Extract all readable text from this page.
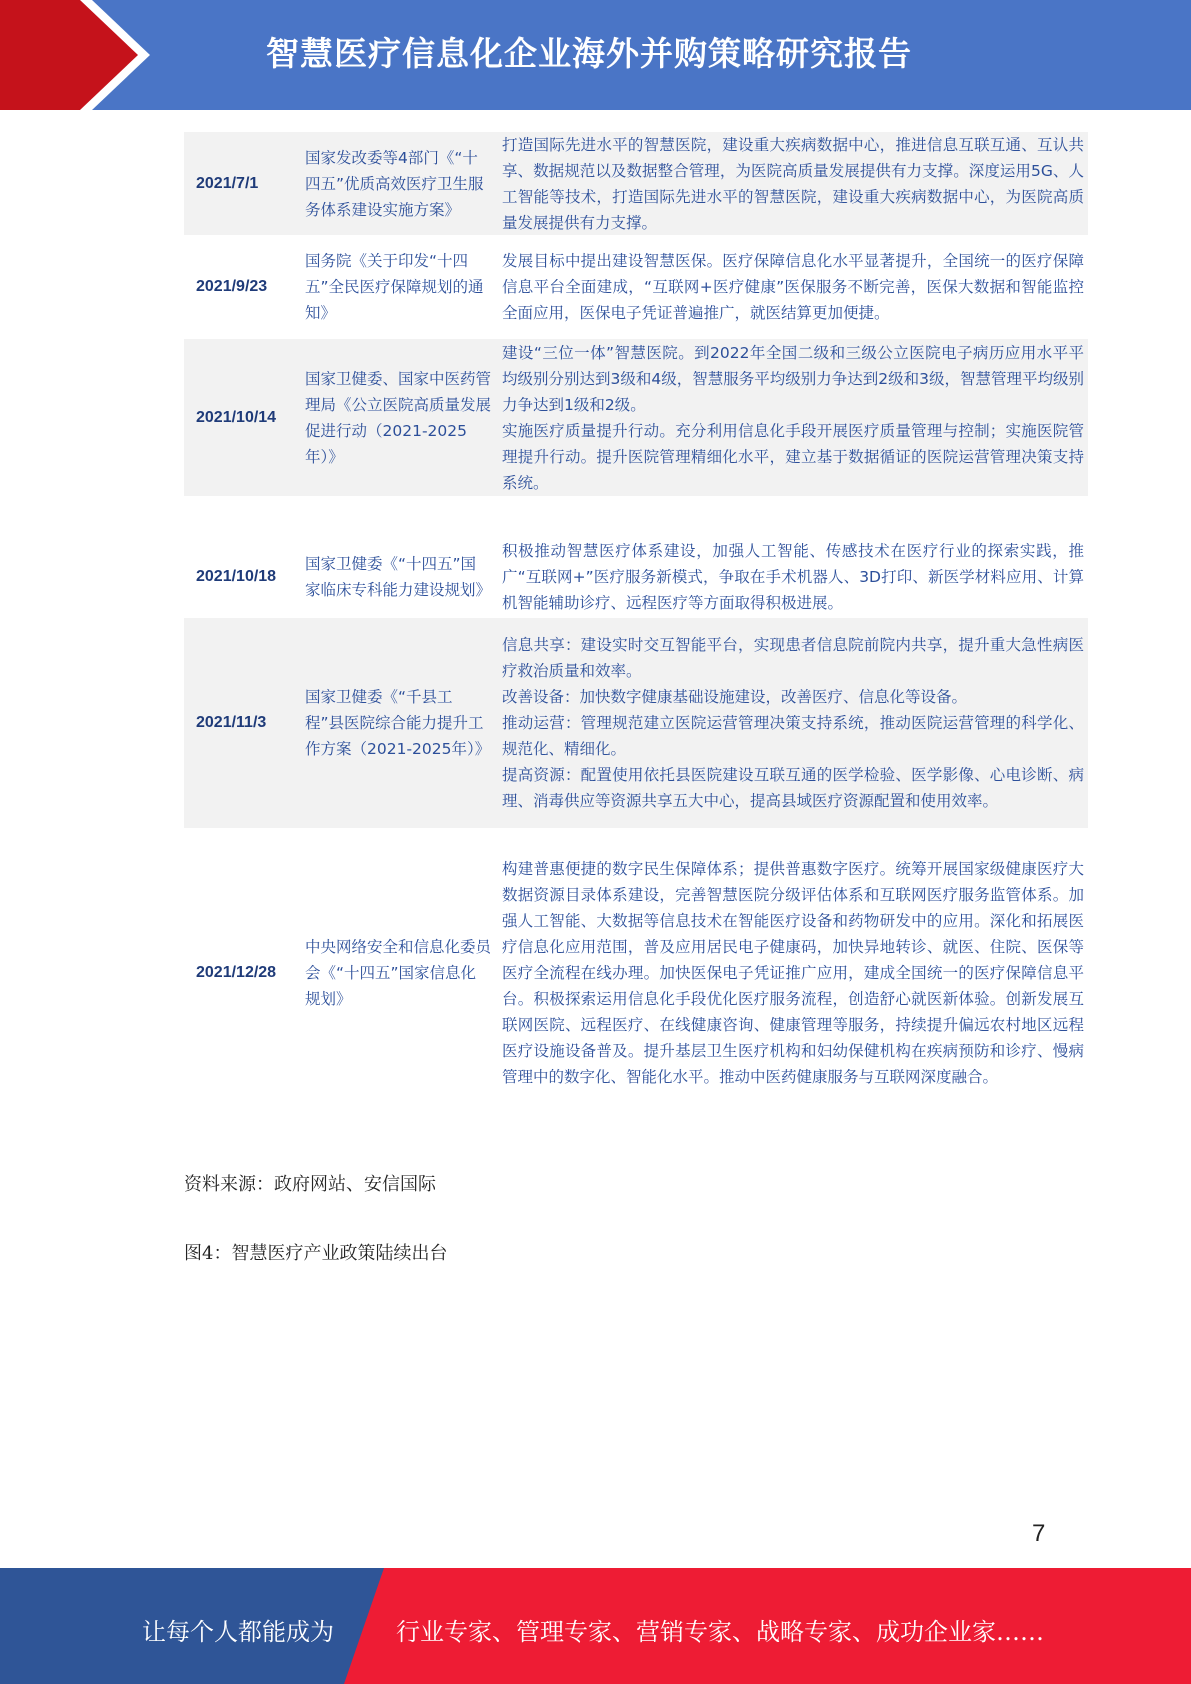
智慧医疗信息化企业海外并购策略研究报告
2021/7/1
国家发改委等4部门《“十四五”优质高效医疗卫生服务体系建设实施方案》

打造国际先进水平的智慧医院，建设重大疾病数据中心，推进信息互联互通、互认共享、数据规范以及数据整合管理，为医院高质量发展提供有力支撑。深度运用5G、人工智能等技术，打造国际先进水平的智慧医院，建设重大疾病数据中心，为医院高质量发展提供有力支撑。

2021/9/23
国务院《关于印发“十四五”全民医疗保障规划的通知》

发展目标中提出建设智慧医保。医疗保障信息化水平显著提升，全国统一的医疗保障信息平台全面建成，“互联网+医疗健康”医保服务不断完善，医保大数据和智能监控全面应用，医保电子凭证普遍推广，就医结算更加便捷。

2021/10/14
国家卫健委、国家中医药管理局《公立医院高质量发展促进行动（2021-2025年）》

建设“三位一体”智慧医院。到2022年全国二级和三级公立医院电子病历应用水平平均级别分别达到3级和4级，智慧服务平均级别力争达到2级和3级，智慧管理平均级别力争达到1级和2级。

实施医疗质量提升行动。充分利用信息化手段开展医疗质量管理与控制；实施医院管理提升行动。提升医院管理精细化水平，建立基于数据循证的医院运营管理决策支持系统。

2021/10/18
国家卫健委《“十四五”国家临床专科能力建设规划》

积极推动智慧医疗体系建设，加强人工智能、传感技术在医疗行业的探索实践，推广“互联网+”医疗服务新模式，争取在手术机器人、3D打印、新医学材料应用、计算机智能辅助诊疗、远程医疗等方面取得积极进展。

2021/11/3
国家卫健委《“千县工程”县医院综合能力提升工作方案（2021-2025年）》

信息共享：建设实时交互智能平台，实现患者信息院前院内共享，提升重大急性病医疗救治质量和效率。

改善设备：加快数字健康基础设施建设，改善医疗、信息化等设备。

推动运营：管理规范建立医院运营管理决策支持系统，推动医院运营管理的科学化、规范化、精细化。

提高资源：配置使用依托县医院建设互联互通的医学检验、医学影像、心电诊断、病理、消毒供应等资源共享五大中心，提高县域医疗资源配置和使用效率。

2021/12/28
中央网络安全和信息化委员会《“十四五”国家信息化规划》

构建普惠便捷的数字民生保障体系；提供普惠数字医疗。统筹开展国家级健康医疗大数据资源目录体系建设，完善智慧医院分级评估体系和互联网医疗服务监管体系。加强人工智能、大数据等信息技术在智能医疗设备和药物研发中的应用。深化和拓展医疗信息化应用范围，普及应用居民电子健康码，加快异地转诊、就医、住院、医保等医疗全流程在线办理。加快医保电子凭证推广应用，建成全国统一的医疗保障信息平台。积极探索运用信息化手段优化医疗服务流程，创造舒心就医新体验。创新发展互联网医院、远程医疗、在线健康咨询、健康管理等服务，持续提升偏远农村地区远程医疗设施设备普及。提升基层卫生医疗机构和妇幼保健机构在疾病预防和诊疗、慢病管理中的数字化、智能化水平。推动中医药健康服务与互联网深度融合。

资料来源：政府网站、安信国际
图4：智慧医疗产业政策陆续出台
7
让每个人都能成为	行业专家、管理专家、营销专家、战略专家、成功企业家……
